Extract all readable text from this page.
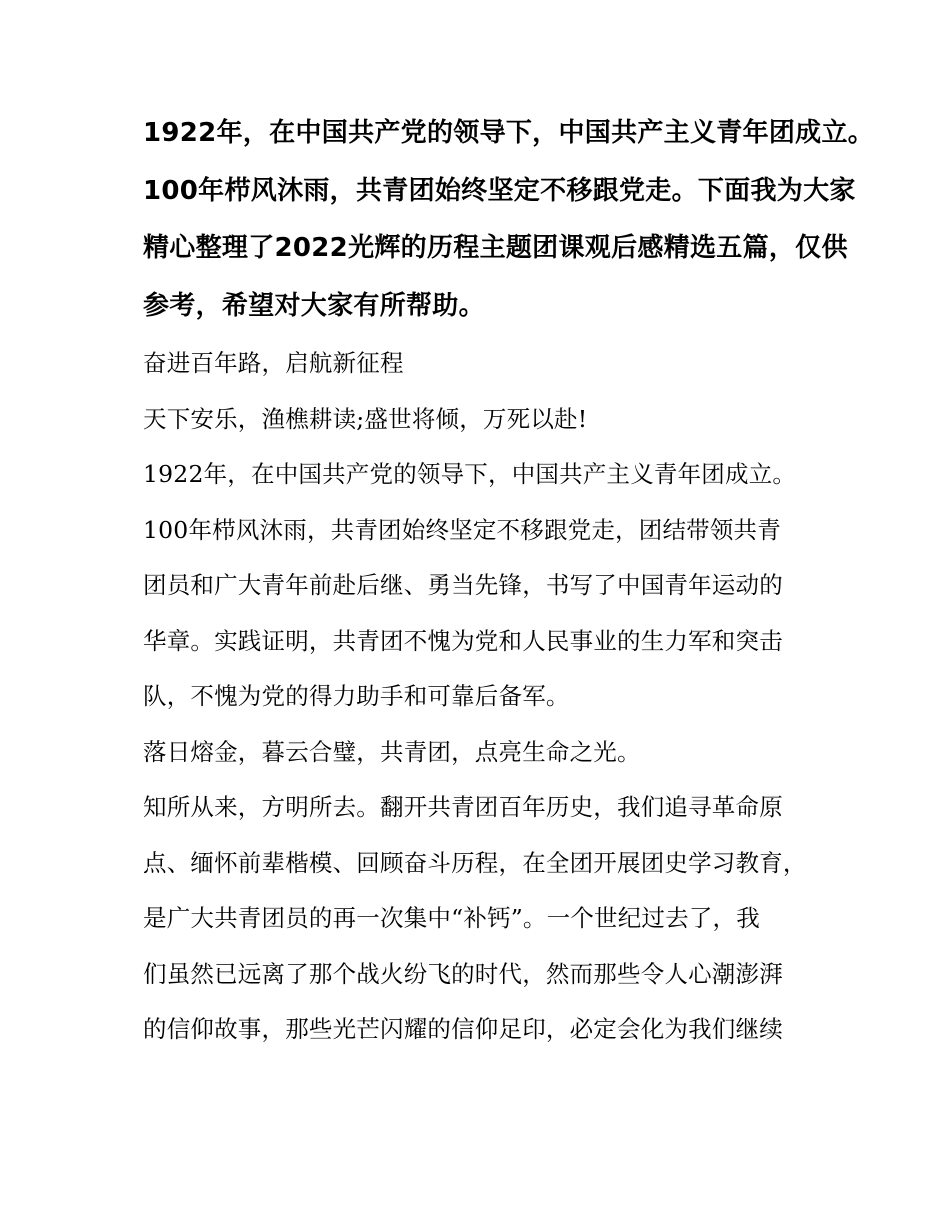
1922年，在中国共产党的领导下，中国共产主义青年团成立。

100年栉风沐雨，共青团始终坚定不移跟党走。下面我为大家

精心整理了2022光辉的历程主题团课观后感精选五篇，仅供

参考，希望对大家有所帮助。

奋进百年路，启航新征程

天下安乐，渔樵耕读;盛世将倾，万死以赴!

1922年，在中国共产党的领导下，中国共产主义青年团成立。

100年栉风沐雨，共青团始终坚定不移跟党走，团结带领共青

团员和广大青年前赴后继、勇当先锋，书写了中国青年运动的

华章。实践证明，共青团不愧为党和人民事业的生力军和突击

队，不愧为党的得力助手和可靠后备军。

落日熔金，暮云合璧，共青团，点亮生命之光。

知所从来，方明所去。翻开共青团百年历史，我们追寻革命原

点、缅怀前辈楷模、回顾奋斗历程，在全团开展团史学习教育，

是广大共青团员的再一次集中“补钙”。一个世纪过去了，我

们虽然已远离了那个战火纷飞的时代，然而那些令人心潮澎湃

的信仰故事，那些光芒闪耀的信仰足印，必定会化为我们继续
